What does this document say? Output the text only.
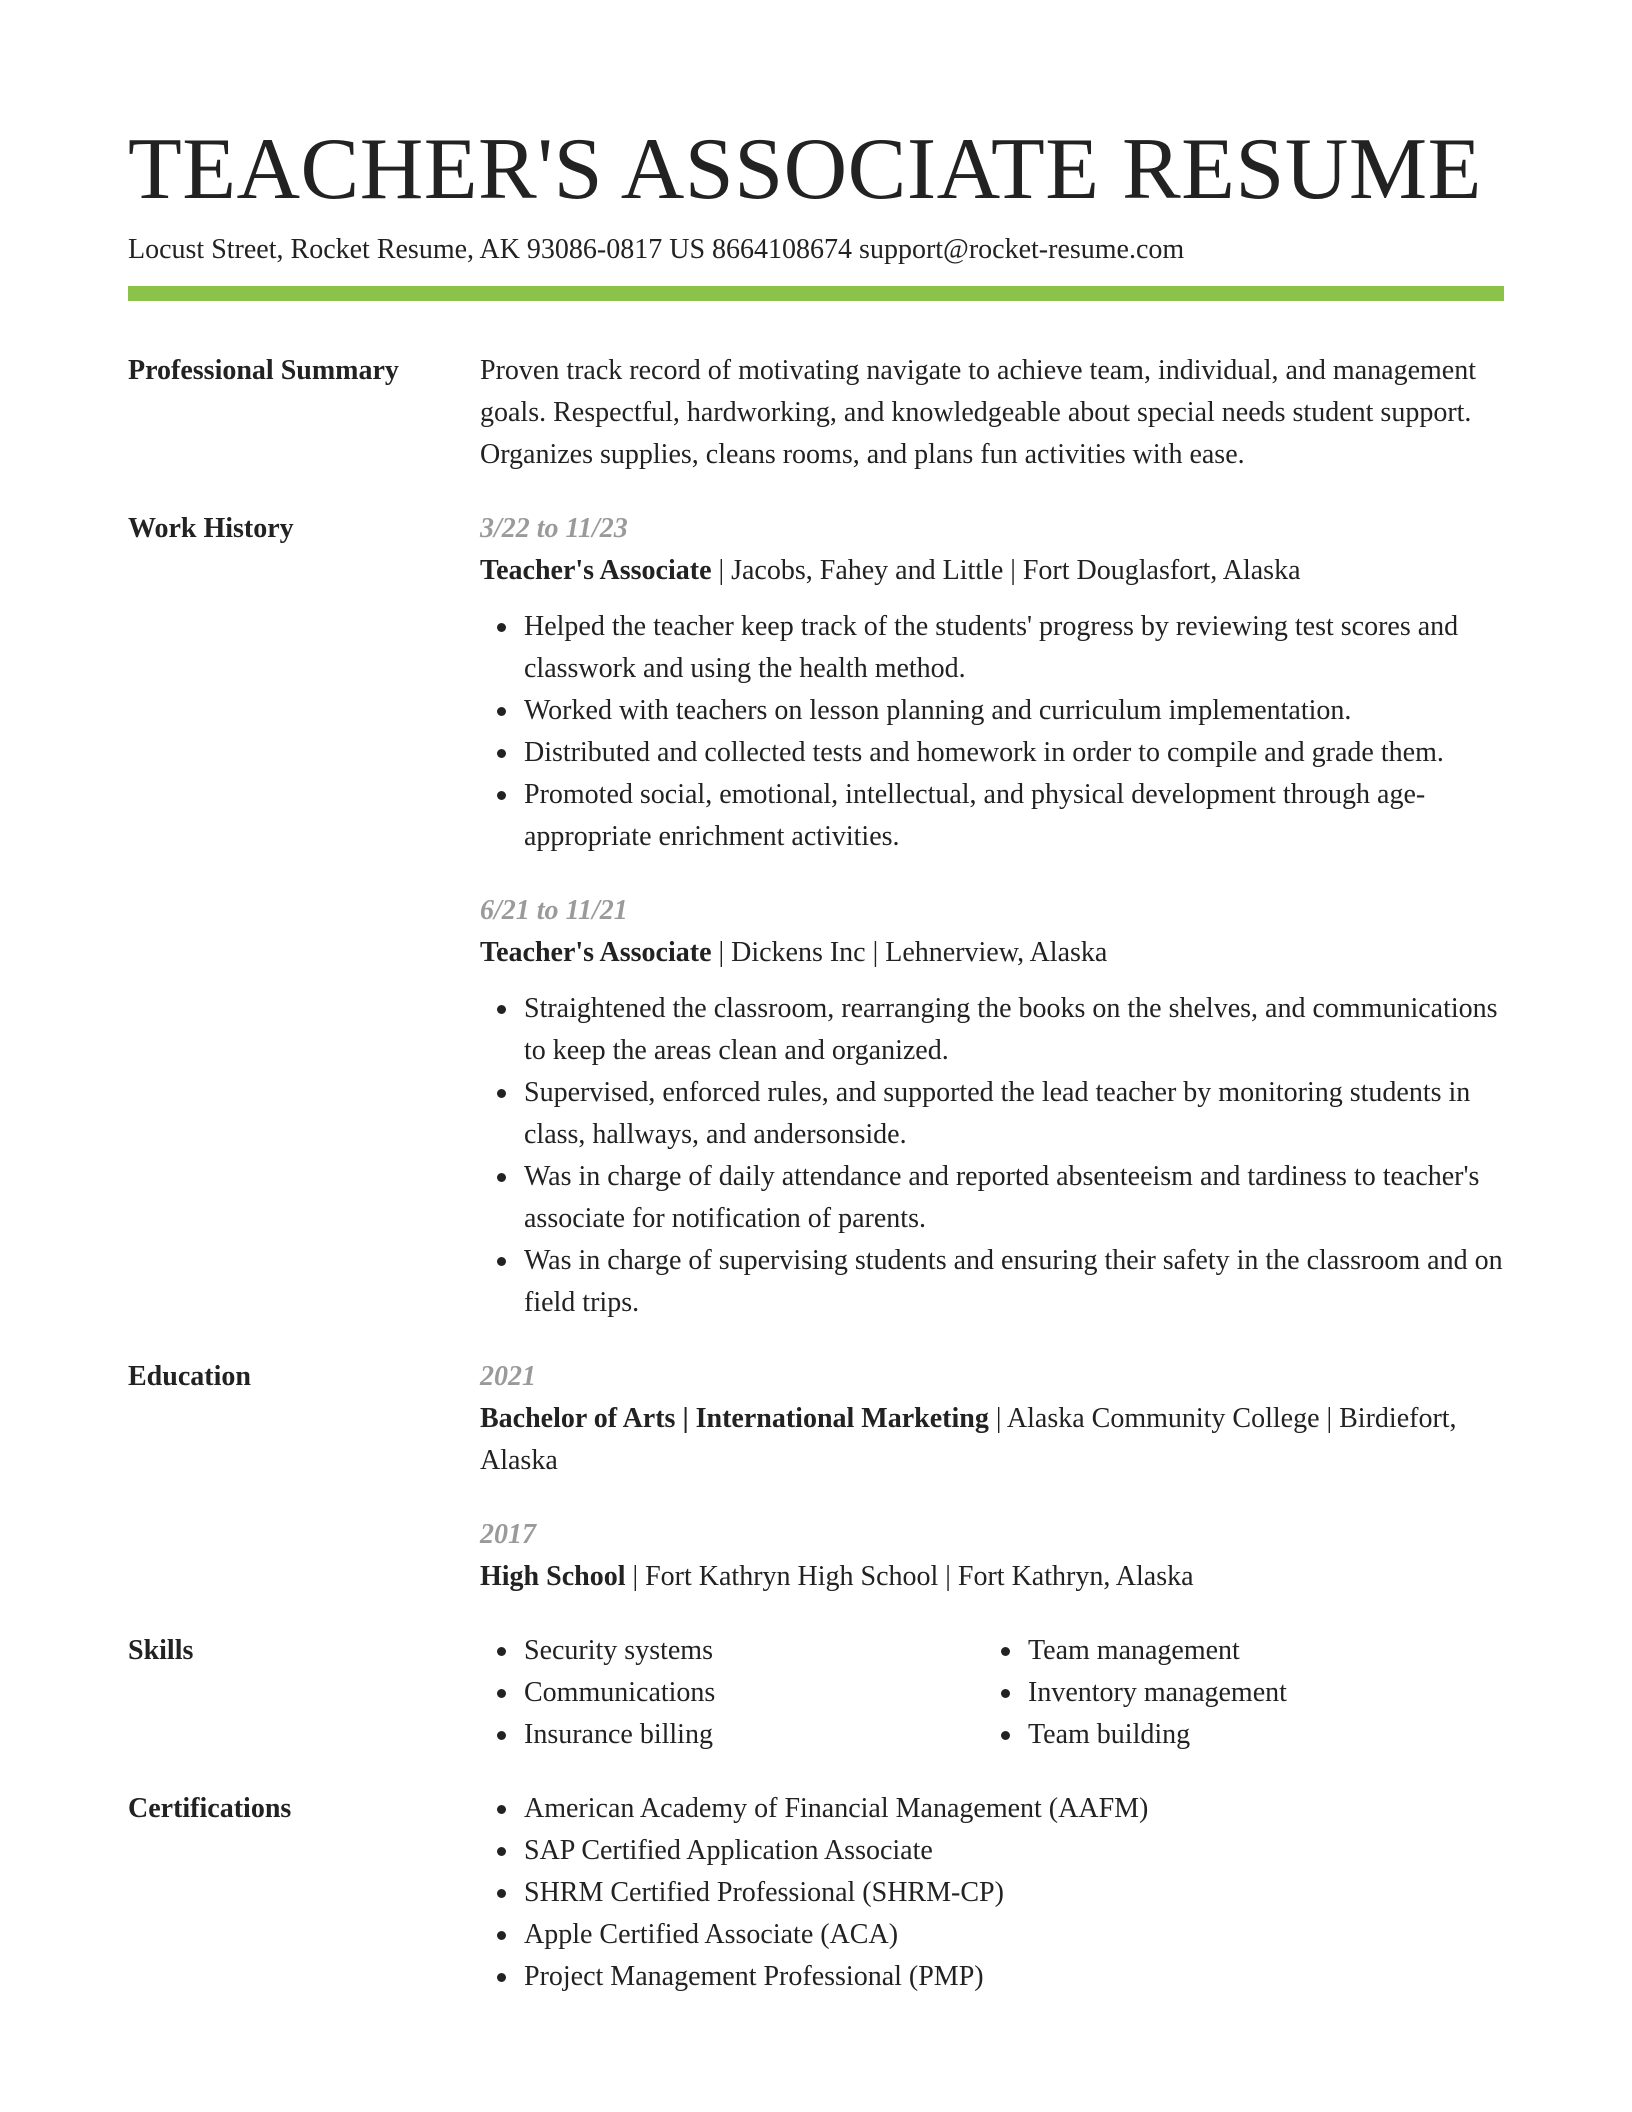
TEACHER'S ASSOCIATE RESUME
Locust Street, Rocket Resume, AK 93086-0817 US 8664108674 support@rocket-resume.com
Professional Summary	Proven track record of motivating navigate to achieve team, individual, and management goals. Respectful, hardworking, and knowledgeable about special needs student support. Organizes supplies, cleans rooms, and plans fun activities with ease.
Work History	3/22 to 11/23
Teacher's Associate | Jacobs, Fahey and Little | Fort Douglasfort, Alaska
Helped the teacher keep track of the students' progress by reviewing test scores and classwork and using the health method.
Worked with teachers on lesson planning and curriculum implementation.
Distributed and collected tests and homework in order to compile and grade them.
Promoted social, emotional, intellectual, and physical development through age-appropriate enrichment activities.
6/21 to 11/21
Teacher's Associate | Dickens Inc | Lehnerview, Alaska
Straightened the classroom, rearranging the books on the shelves, and communications to keep the areas clean and organized.
Supervised, enforced rules, and supported the lead teacher by monitoring students in class, hallways, and andersonside.
Was in charge of daily attendance and reported absenteeism and tardiness to teacher's associate for notification of parents.
Was in charge of supervising students and ensuring their safety in the classroom and on field trips.
Education	2021
Bachelor of Arts | International Marketing | Alaska Community College | Birdiefort, Alaska
2017
High School | Fort Kathryn High School | Fort Kathryn, Alaska
Skills	Security systems
Communications
Insurance billing
Team management
Inventory management
Team building
Certifications	American Academy of Financial Management (AAFM)
SAP Certified Application Associate
SHRM Certified Professional (SHRM-CP)
Apple Certified Associate (ACA)
Project Management Professional (PMP)
